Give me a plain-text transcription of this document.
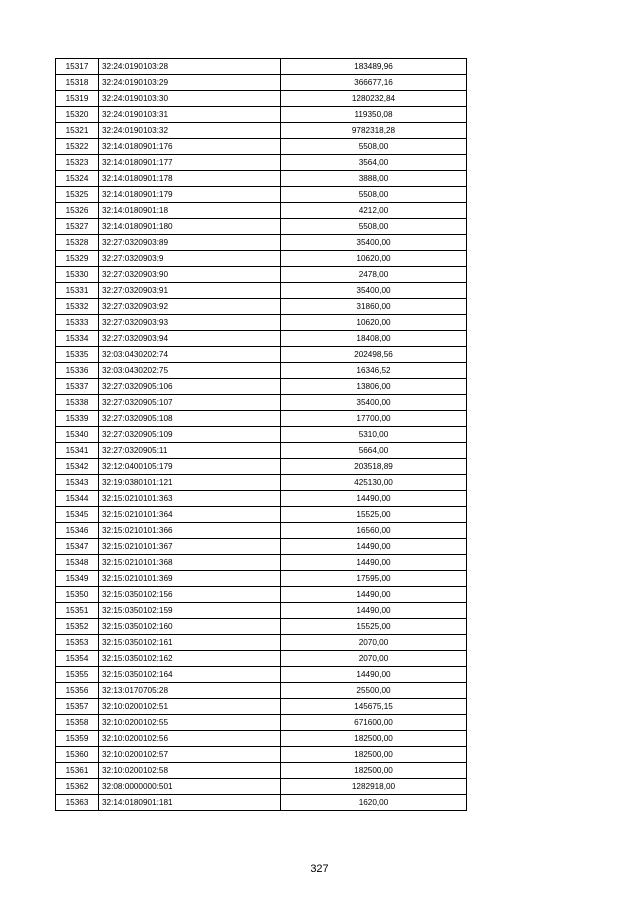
15317	32:24:0190103:28	183489,96
15318	32:24:0190103:29	366677,16
15319	32:24:0190103:30	1280232,84
15320	32:24:0190103:31	119350,08
15321	32:24:0190103:32	9782318,28
15322	32:14:0180901:176	5508,00
15323	32:14:0180901:177	3564,00
15324	32:14:0180901:178	3888,00
15325	32:14:0180901:179	5508,00
15326	32:14:0180901:18	4212,00
15327	32:14:0180901:180	5508,00
15328	32:27:0320903:89	35400,00
15329	32:27:0320903:9	10620,00
15330	32:27:0320903:90	2478,00
15331	32:27:0320903:91	35400,00
15332	32:27:0320903:92	31860,00
15333	32:27:0320903:93	10620,00
15334	32:27:0320903:94	18408,00
15335	32:03:0430202:74	202498,56
15336	32:03:0430202:75	16346,52
15337	32:27:0320905:106	13806,00
15338	32:27:0320905:107	35400,00
15339	32:27:0320905:108	17700,00
15340	32:27:0320905:109	5310,00
15341	32:27:0320905:11	5664,00
15342	32:12:0400105:179	203518,89
15343	32:19:0380101:121	425130,00
15344	32:15:0210101:363	14490,00
15345	32:15:0210101:364	15525,00
15346	32:15:0210101:366	16560,00
15347	32:15:0210101:367	14490,00
15348	32:15:0210101:368	14490,00
15349	32:15:0210101:369	17595,00
15350	32:15:0350102:156	14490,00
15351	32:15:0350102:159	14490,00
15352	32:15:0350102:160	15525,00
15353	32:15:0350102:161	2070,00
15354	32:15:0350102:162	2070,00
15355	32:15:0350102:164	14490,00
15356	32:13:0170705:28	25500,00
15357	32:10:0200102:51	145675,15
15358	32:10:0200102:55	671600,00
15359	32:10:0200102:56	182500,00
15360	32:10:0200102:57	182500,00
15361	32:10:0200102:58	182500,00
15362	32:08:0000000:501	1282918,00
15363	32:14:0180901:181	1620,00
327
